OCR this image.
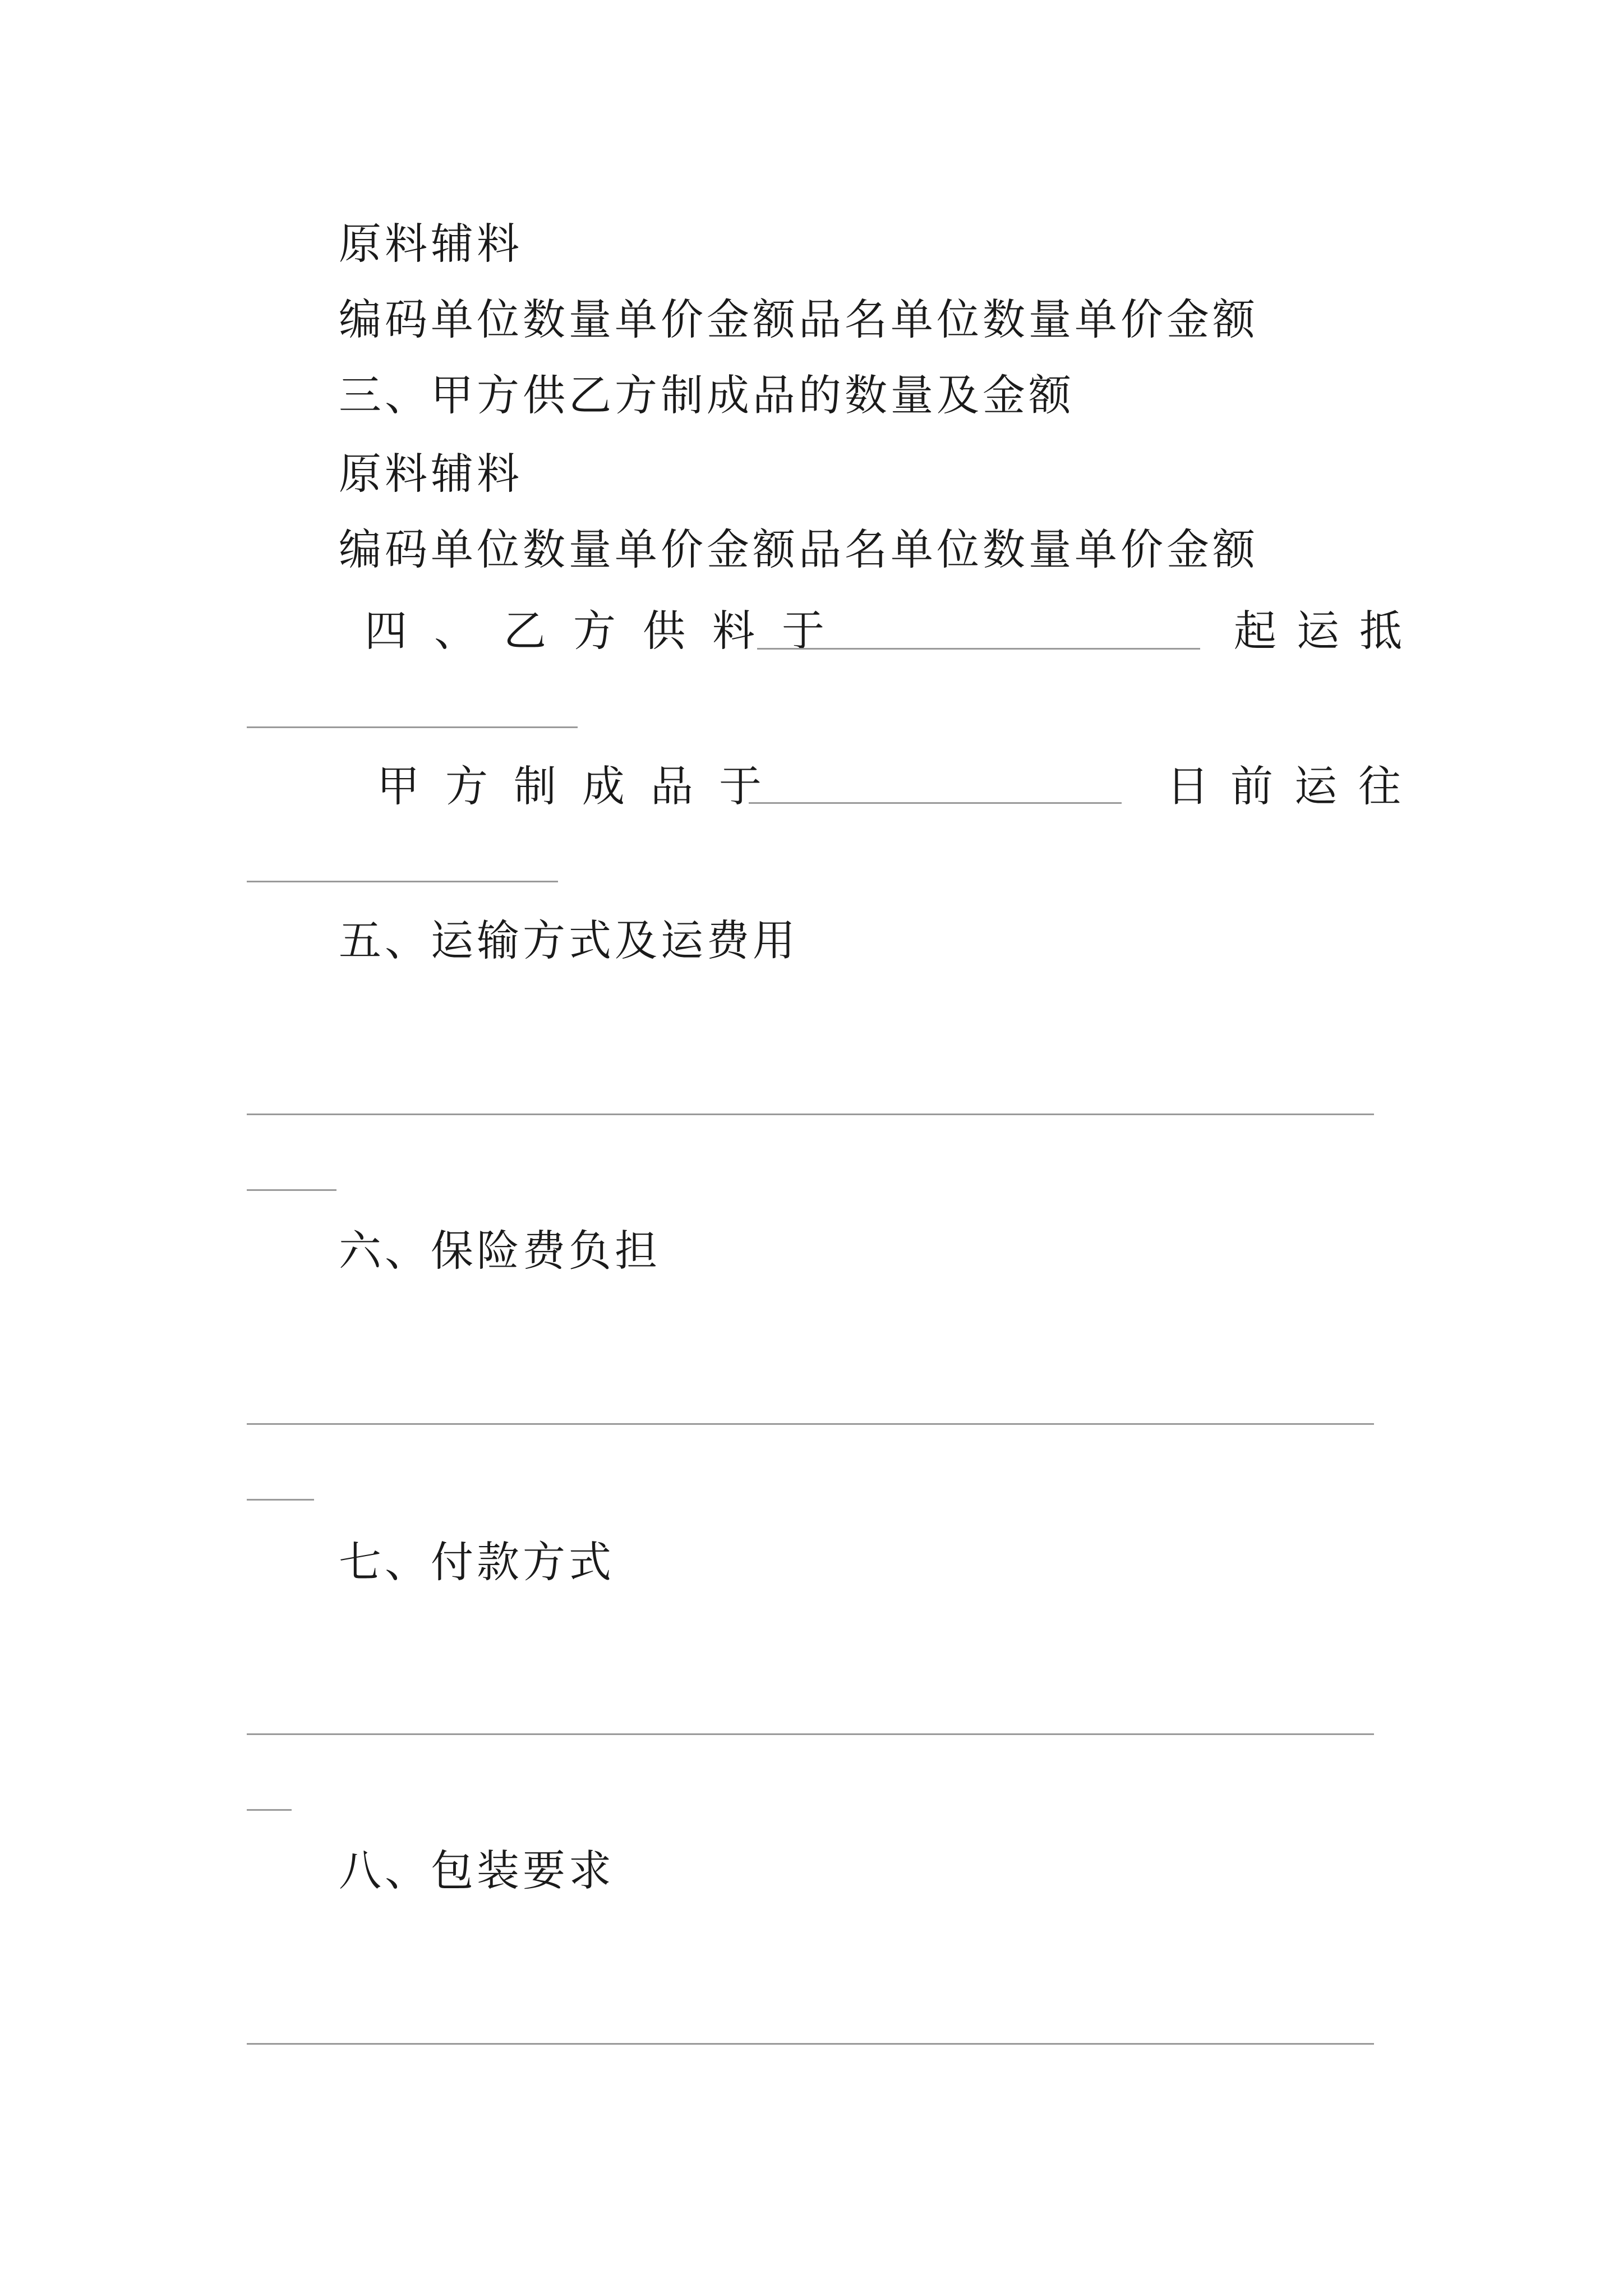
原料辅料
编码单位数量单价金额品名单位数量单价金额
三、甲方供乙方制成品的数量及金额
原料辅料
编码单位数量单价金额品名单位数量单价金额
四、乙方供料于	起运抵
甲方制成品于	日前运往
五、运输方式及运费用
六、保险费负担
七、付款方式
八、包装要求
